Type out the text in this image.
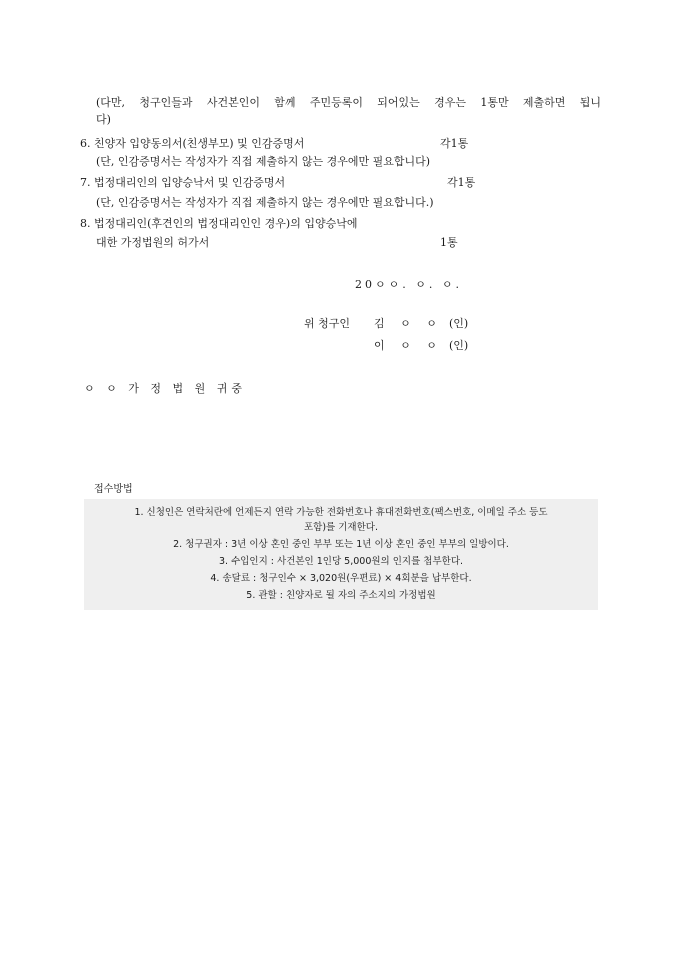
(다만, 청구인들과 사건본인이 함께 주민등록이 되어있는 경우는 1통만 제출하면 됩니
다)
6. 친양자 입양동의서(친생부모) 및 인감증명서	각1통
(단, 인감증명서는 작성자가 직접 제출하지 않는 경우에만 필요합니다)
7. 법정대리인의 입양승낙서 및 인감증명서	각1통
(단, 인감증명서는 작성자가 직접 제출하지 않는 경우에만 필요합니다.)
8. 법정대리인(후견인의 법정대리인인 경우)의 입양승낙에
대한 가정법원의 허가서	1통
20ㅇㅇ. ㅇ. ㅇ.
위 청구인 김 ㅇ ㅇ (인)
이 ㅇ ㅇ (인)
ㅇ ㅇ 가 정 법 원 귀중
접수방법
1. 신청인은 연락처란에 언제든지 연락 가능한 전화번호나 휴대전화번호(팩스번호, 이메일 주소 등도
포함)를 기재한다.
2. 청구권자 : 3년 이상 혼인 중인 부부 또는 1년 이상 혼인 중인 부부의 일방이다.
3. 수입인지 : 사건본인 1인당 5,000원의 인지를 첩부한다.
4. 송달료 : 청구인수 × 3,020원(우편료) × 4회분을 납부한다.
5. 관할 : 친양자로 될 자의 주소지의 가정법원
